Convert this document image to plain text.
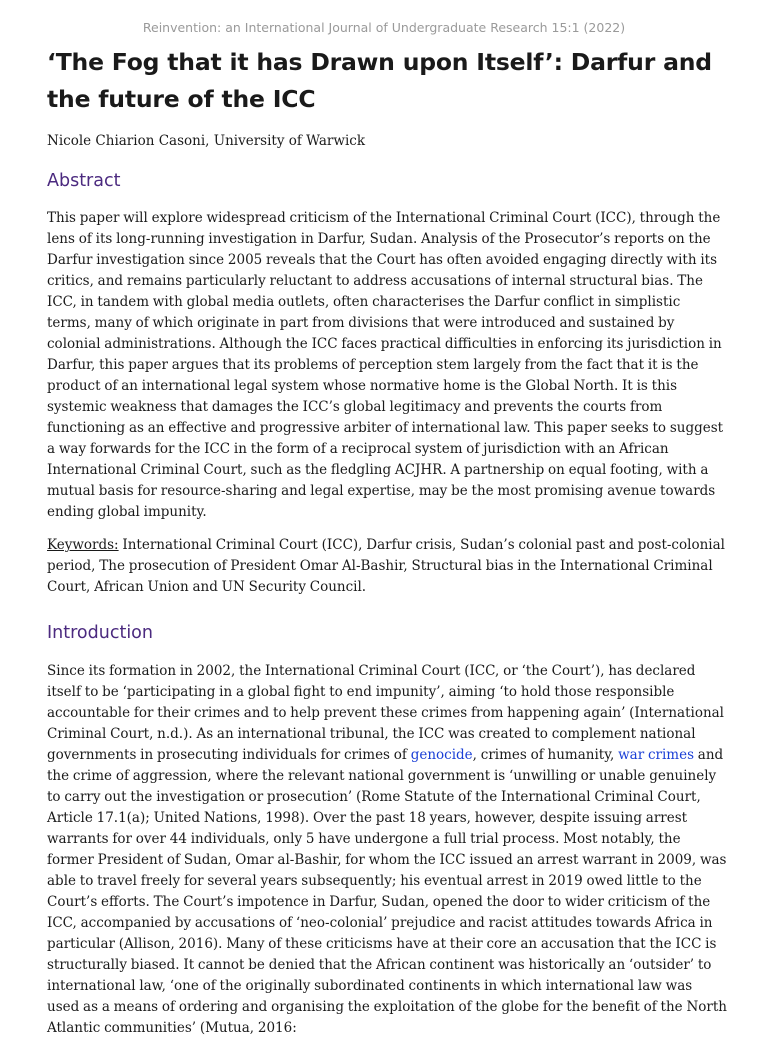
Reinvention: an International Journal of Undergraduate Research 15:1 (2022)
‘The Fog that it has Drawn upon Itself’: Darfur and the future of the ICC
Nicole Chiarion Casoni, University of Warwick
Abstract

This paper will explore widespread criticism of the International Criminal Court (ICC), through the lens of its long-running investigation in Darfur, Sudan. Analysis of the Prosecutor’s reports on the Darfur investigation since 2005 reveals that the Court has often avoided engaging directly with its critics, and remains particularly reluctant to address accusations of internal structural bias. The ICC, in tandem with global media outlets, often characterises the Darfur conflict in simplistic terms, many of which originate in part from divisions that were introduced and sustained by colonial administrations. Although the ICC faces practical difficulties in enforcing its jurisdiction in Darfur, this paper argues that its problems of perception stem largely from the fact that it is the product of an international legal system whose normative home is the Global North. It is this systemic weakness that damages the ICC’s global legitimacy and prevents the courts from functioning as an effective and progressive arbiter of international law. This paper seeks to suggest a way forwards for the ICC in the form of a reciprocal system of jurisdiction with an African International Criminal Court, such as the fledgling ACJHR. A partnership on equal footing, with a mutual basis for resource-sharing and legal expertise, may be the most promising avenue towards ending global impunity.

Keywords: International Criminal Court (ICC), Darfur crisis, Sudan’s colonial past and post-colonial period, The prosecution of President Omar Al-Bashir, Structural bias in the International Criminal Court, African Union and UN Security Council.

Introduction

Since its formation in 2002, the International Criminal Court (ICC, or ‘the Court’), has declared itself to be ‘participating in a global fight to end impunity’, aiming ‘to hold those responsible accountable for their crimes and to help prevent these crimes from happening again’ (International Criminal Court, n.d.). As an international tribunal, the ICC was created to complement national governments in prosecuting individuals for crimes of genocide, crimes of humanity, war crimes and the crime of aggression, where the relevant national government is ‘unwilling or unable genuinely to carry out the investigation or prosecution’ (Rome Statute of the International Criminal Court, Article 17.1(a); United Nations, 1998). Over the past 18 years, however, despite issuing arrest warrants for over 44 individuals, only 5 have undergone a full trial process. Most notably, the former President of Sudan, Omar al-Bashir, for whom the ICC issued an arrest warrant in 2009, was able to travel freely for several years subsequently; his eventual arrest in 2019 owed little to the Court’s efforts. The Court’s impotence in Darfur, Sudan, opened the door to wider criticism of the ICC, accompanied by accusations of ‘neo-colonial’ prejudice and racist attitudes towards Africa in particular (Allison, 2016). Many of these criticisms have at their core an accusation that the ICC is structurally biased. It cannot be denied that the African continent was historically an ‘outsider’ to international law, ‘one of the originally subordinated continents in which international law was used as a means of ordering and organising the exploitation of the globe for the benefit of the North Atlantic communities’ (Mutua, 2016:
